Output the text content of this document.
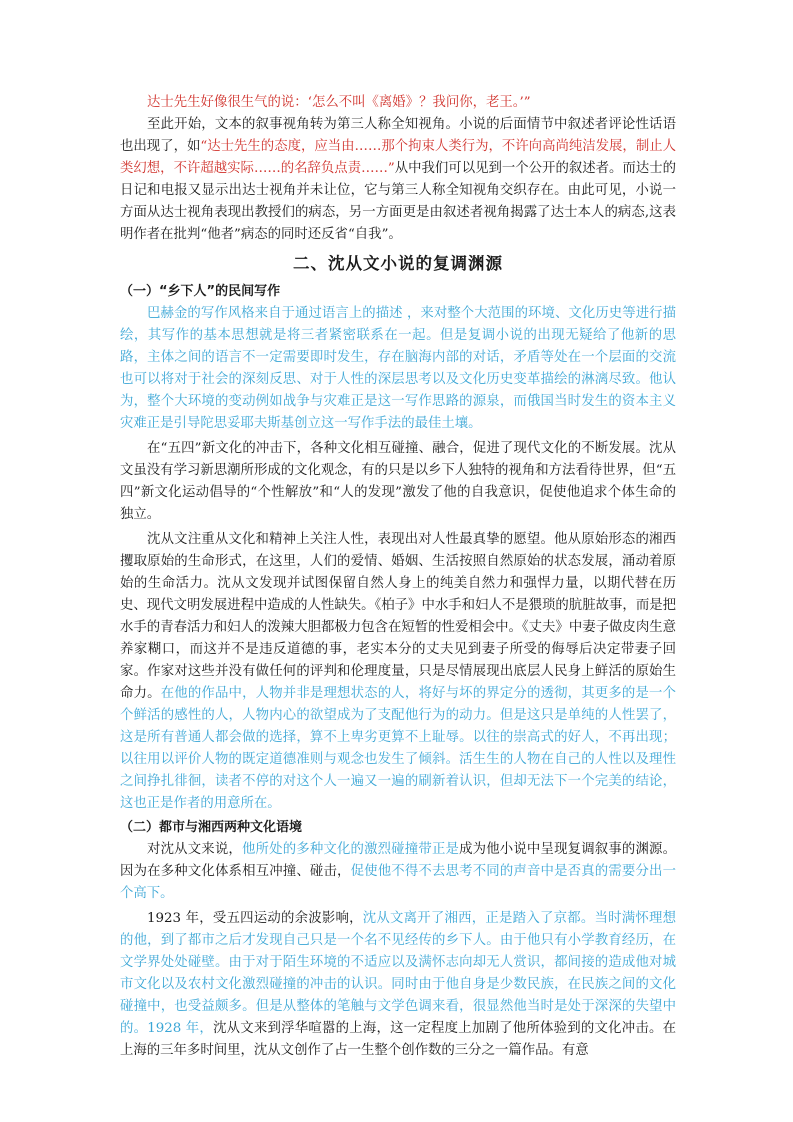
达士先生好像很生气的说：‘怎么不叫《离婚》？我问你，老王。’”

至此开始，文本的叙事视角转为第三人称全知视角。小说的后面情节中叙述者评论性话语也出现了，如“达士先生的态度，应当由……那个拘束人类行为，不许向高尚纯洁发展，制止人类幻想，不许超越实际……的名辞负点责……”从中我们可以见到一个公开的叙述者。而达士的日记和电报又显示出达士视角并未让位，它与第三人称全知视角交织存在。由此可见，小说一方面从达士视角表现出教授们的病态，另一方面更是由叙述者视角揭露了达士本人的病态,这表明作者在批判“他者”病态的同时还反省“自我”。

二、沈从文小说的复调渊源
（一）“乡下人”的民间写作

巴赫金的写作风格来自于通过语言上的描述 ，来对整个大范围的环境、文化历史等进行描绘，其写作的基本思想就是将三者紧密联系在一起。但是复调小说的出现无疑给了他新的思路，主体之间的语言不一定需要即时发生，存在脑海内部的对话，矛盾等处在一个层面的交流也可以将对于社会的深刻反思、对于人性的深层思考以及文化历史变革描绘的淋漓尽致。他认为，整个大环境的变动例如战争与灾难正是这一写作思路的源泉，而俄国当时发生的资本主义灾难正是引导陀思妥耶夫斯基创立这一写作手法的最佳土壤。

在“五四”新文化的冲击下，各种文化相互碰撞、融合，促进了现代文化的不断发展。沈从文虽没有学习新思潮所形成的文化观念，有的只是以乡下人独特的视角和方法看待世界，但“五四”新文化运动倡导的“个性解放”和“人的发现”激发了他的自我意识，促使他追求个体生命的独立。

沈从文注重从文化和精神上关注人性，表现出对人性最真挚的愿望。他从原始形态的湘西攫取原始的生命形式，在这里，人们的爱情、婚姻、生活按照自然原始的状态发展，涌动着原始的生命活力。沈从文发现并试图保留自然人身上的纯美自然力和强悍力量，以期代替在历史、现代文明发展进程中造成的人性缺失。《柏子》中水手和妇人不是猥琐的肮脏故事，而是把水手的青春活力和妇人的泼辣大胆都极力包含在短暂的性爱相会中。《丈夫》中妻子做皮肉生意养家糊口，而这并不是违反道德的事，老实本分的丈夫见到妻子所受的侮辱后决定带妻子回家。作家对这些并没有做任何的评判和伦理度量，只是尽情展现出底层人民身上鲜活的原始生命力。在他的作品中，人物并非是理想状态的人，将好与坏的界定分的透彻，其更多的是一个个鲜活的感性的人，人物内心的欲望成为了支配他行为的动力。但是这只是单纯的人性罢了，这是所有普通人都会做的选择，算不上卑劣更算不上耻辱。以往的崇高式的好人，不再出现；以往用以评价人物的既定道德准则与观念也发生了倾斜。活生生的人物在自己的人性以及理性之间挣扎徘徊，读者不停的对这个人一遍又一遍的刷新着认识，但却无法下一个完美的结论，这也正是作者的用意所在。

（二）都市与湘西两种文化语境

对沈从文来说，他所处的多种文化的激烈碰撞带正是成为他小说中呈现复调叙事的渊源。因为在多种文化体系相互冲撞、碰击，促使他不得不去思考不同的声音中是否真的需要分出一个高下。

1923 年，受五四运动的余波影响，沈从文离开了湘西，正是踏入了京都。当时满怀理想的他，到了都市之后才发现自己只是一个名不见经传的乡下人。由于他只有小学教育经历，在文学界处处碰壁。由于对于陌生环境的不适应以及满怀志向却无人赏识，都间接的造成他对城市文化以及农村文化激烈碰撞的冲击的认识。同时由于他自身是少数民族，在民族之间的文化碰撞中，也受益颇多。但是从整体的笔触与文学色调来看，很显然他当时是处于深深的失望中的。1928 年，沈从文来到浮华喧嚣的上海，这一定程度上加剧了他所体验到的文化冲击。在上海的三年多时间里，沈从文创作了占一生整个创作数的三分之一篇作品。有意
